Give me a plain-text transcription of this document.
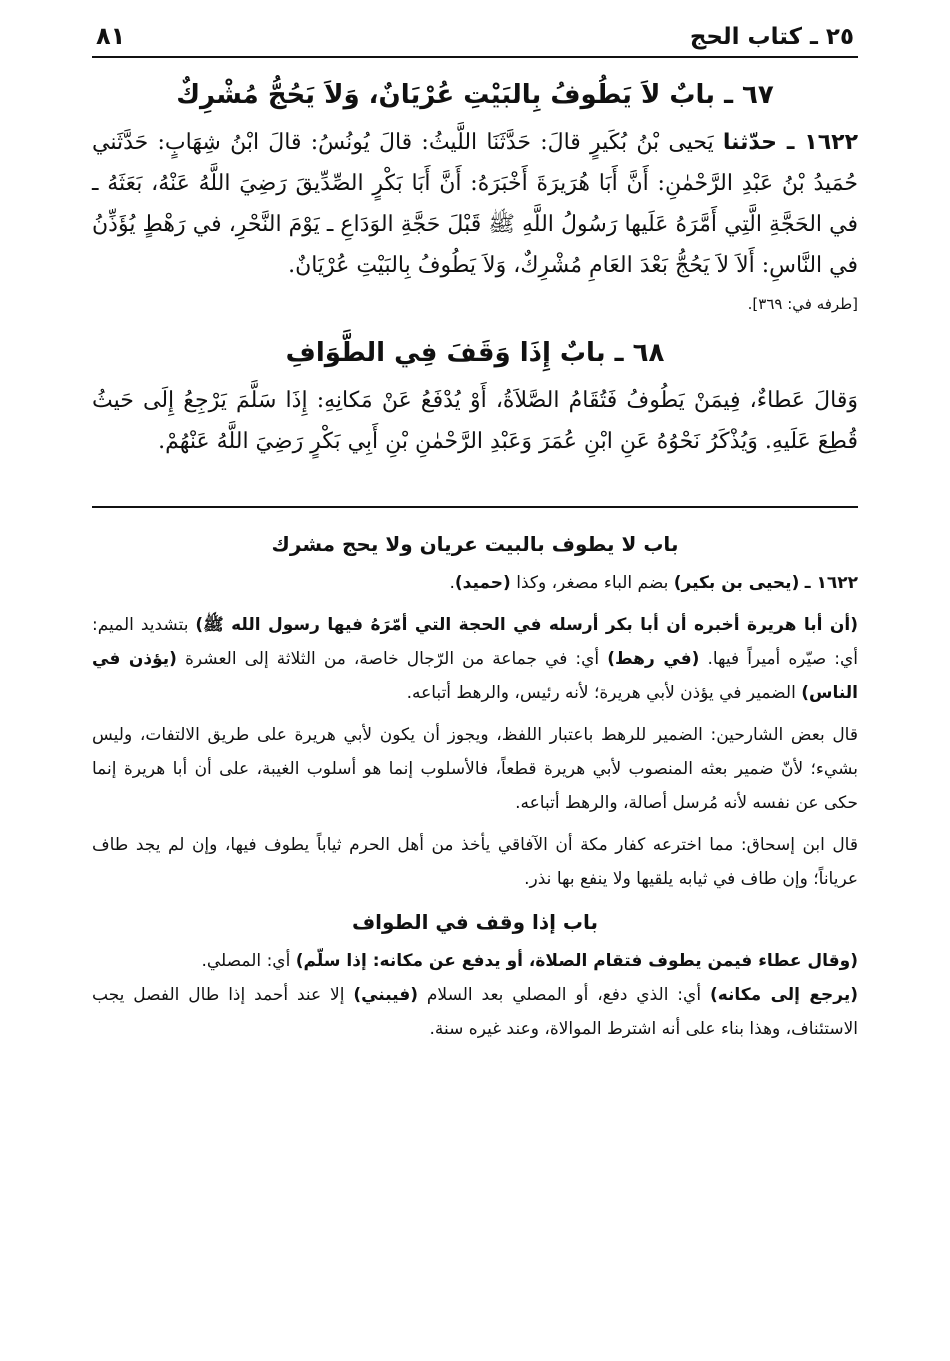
٢٥ ـ كتاب الحج
٨١
٦٧ ـ بابٌ لاَ يَطُوفُ بِالبَيْتِ عُرْيَانٌ، وَلاَ يَحُجُّ مُشْرِكٌ

١٦٢٢ ـ حدّثنا يَحيى بْنُ بُكَيرٍ قالَ: حَدَّثَنَا اللَّيثُ: قالَ يُونُسُ: قالَ ابْنُ شِهَابٍ: حَدَّثَني حُمَيدُ بْنُ عَبْدِ الرَّحْمٰنِ: أَنَّ أَبَا هُرَيرَةَ أَخْبَرَهُ: أَنَّ أَبَا بَكْرٍ الصِّدِّيقَ رَضِيَ اللَّهُ عَنْهُ، بَعَثَهُ ـ في الحَجَّةِ الَّتِي أَمَّرَهُ عَلَيها رَسُولُ اللَّهِ ﷺ قَبْلَ حَجَّةِ الوَدَاعِ ـ يَوْمَ النَّحْرِ، في رَهْطٍ يُؤَذِّنُ في النَّاسِ: أَلاَ لاَ يَحُجُّ بَعْدَ العَامِ مُشْرِكٌ، وَلاَ يَطُوفُ بِالبَيْتِ عُرْيَانٌ.

[طرفه في: ٣٦٩].

٦٨ ـ بابٌ إِذَا وَقَفَ فِي الطَّوَافِ

وَقالَ عَطاءٌ، فِيمَنْ يَطُوفُ فَتُقَامُ الصَّلاَةُ، أَوْ يُدْفَعُ عَنْ مَكانِهِ: إِذَا سَلَّمَ يَرْجِعُ إِلَى حَيثُ قُطِعَ عَلَيهِ. وَيُذْكَرُ نَحْوُهُ عَنِ ابْنِ عُمَرَ وَعَبْدِ الرَّحْمٰنِ بْنِ أَبِي بَكْرٍ رَضِيَ اللَّهُ عَنْهُمْ.

باب لا يطوف بالبيت عريان ولا يحج مشرك

١٦٢٢ ـ (يحيى بن بكير) بضم الباء مصغر، وكذا (حميد).

(أن أبا هريرة أخبره أن أبا بكر أرسله في الحجة التي أمّرَهُ فيها رسول الله ﷺ) بتشديد الميم: أي: صيّره أميراً فيها. (في رهط) أي: في جماعة من الرّجال خاصة، من الثلاثة إلى العشرة (يؤذن في الناس) الضمير في يؤذن لأبي هريرة؛ لأنه رئيس، والرهط أتباعه.

قال بعض الشارحين: الضمير للرهط باعتبار اللفظ، ويجوز أن يكون لأبي هريرة على طريق الالتفات، وليس بشيء؛ لأنّ ضمير بعثه المنصوب لأبي هريرة قطعاً، فالأسلوب إنما هو أسلوب الغيبة، على أن أبا هريرة إنما حكى عن نفسه لأنه مُرسل أصالة، والرهط أتباعه.

قال ابن إسحاق: مما اخترعه كفار مكة أن الآفاقي يأخذ من أهل الحرم ثياباً يطوف فيها، وإن لم يجد طاف عرياناً؛ وإن طاف في ثيابه يلقيها ولا ينفع بها نذر.

باب إذا وقف في الطواف

(وقال عطاء فيمن يطوف فتقام الصلاة، أو يدفع عن مكانه: إذا سلّم) أي: المصلي.
(يرجع إلى مكانه) أي: الذي دفع، أو المصلي بعد السلام (فيبني) إلا عند أحمد إذا طال الفصل يجب الاستئناف، وهذا بناء على أنه اشترط الموالاة، وعند غيره سنة.
